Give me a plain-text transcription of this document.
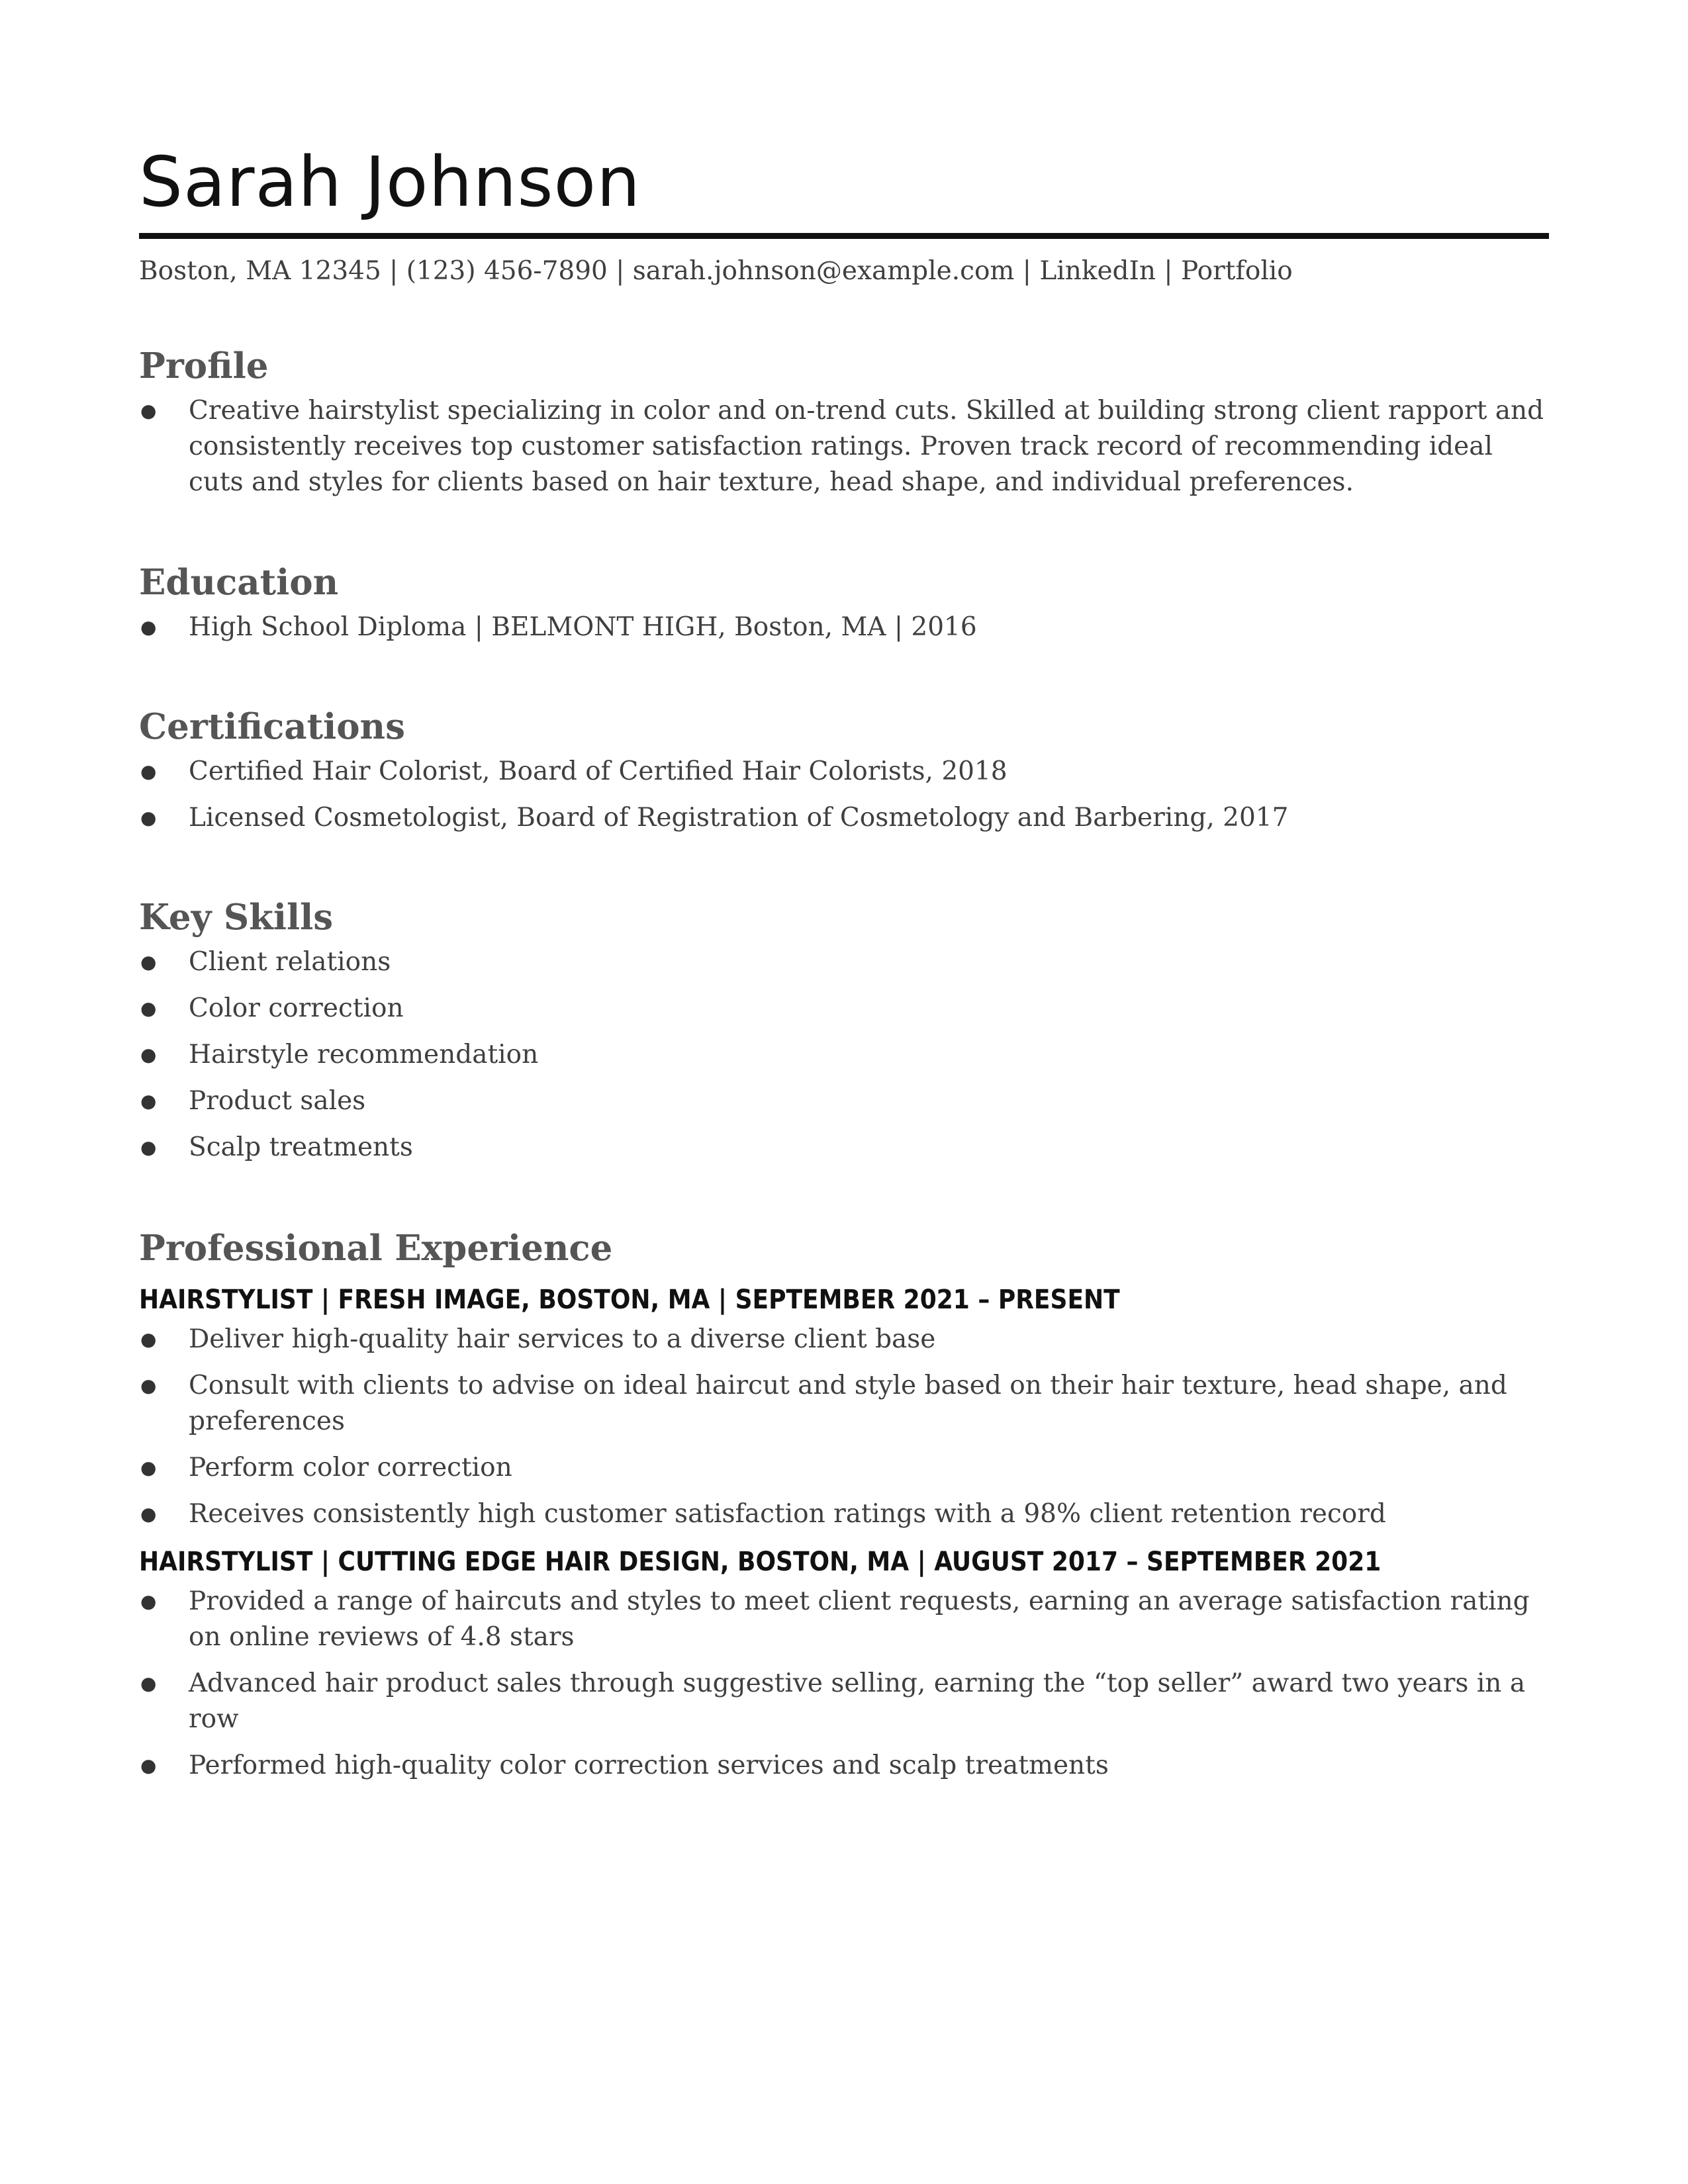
Sarah Johnson
Boston, MA 12345 | (123) 456-7890 | sarah.johnson@example.com | LinkedIn | Portfolio
Profile
● Creative hairstylist specializing in color and on-trend cuts. Skilled at building strong client rapport and consistently receives top customer satisfaction ratings. Proven track record of recommending ideal cuts and styles for clients based on hair texture, head shape, and individual preferences.
Education
● High School Diploma | BELMONT HIGH, Boston, MA | 2016
Certifications
● Certified Hair Colorist, Board of Certified Hair Colorists, 2018
● Licensed Cosmetologist, Board of Registration of Cosmetology and Barbering, 2017
Key Skills
● Client relations
● Color correction
● Hairstyle recommendation
● Product sales
● Scalp treatments
Professional Experience
HAIRSTYLIST | FRESH IMAGE, BOSTON, MA | SEPTEMBER 2021 – PRESENT
● Deliver high-quality hair services to a diverse client base
● Consult with clients to advise on ideal haircut and style based on their hair texture, head shape, and preferences
● Perform color correction
● Receives consistently high customer satisfaction ratings with a 98% client retention record
HAIRSTYLIST | CUTTING EDGE HAIR DESIGN, BOSTON, MA | AUGUST 2017 – SEPTEMBER 2021
● Provided a range of haircuts and styles to meet client requests, earning an average satisfaction rating on online reviews of 4.8 stars
● Advanced hair product sales through suggestive selling, earning the “top seller” award two years in a row
● Performed high-quality color correction services and scalp treatments
